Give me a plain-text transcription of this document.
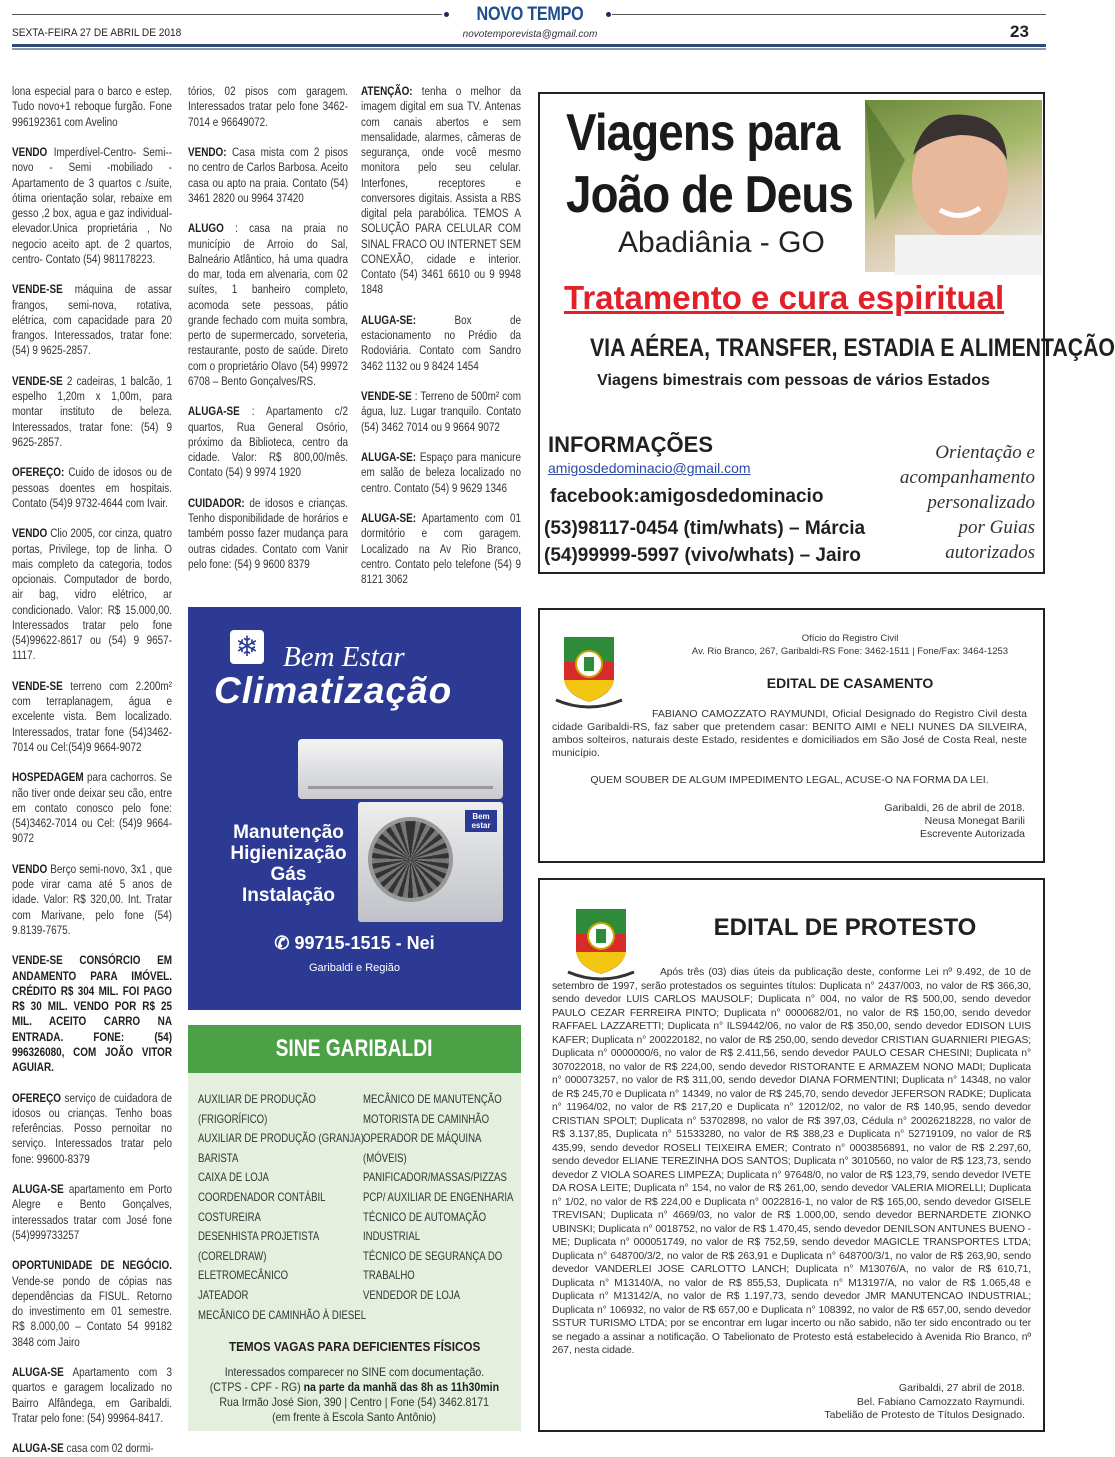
NOVO TEMPO
novotemporevista@gmail.com
SEXTA-FEIRA 27 DE ABRIL DE 2018	23
lona especial para o barco e estep. Tudo novo+1 reboque furgão. Fone 996192361 com Avelino
VENDO Imperdível-Centro- Semi--novo - Semi -mobiliado -Apartamento de 3 quartos c /suite, ótima orientação solar, rebaixe em gesso ,2 box, agua e gaz individual-elevador.Unica proprietária , No negocio aceito apt. de 2 quartos, centro- Contato (54) 981178223.
VENDE-SE máquina de assar frangos, semi-nova, rotativa, elétrica, com capacidade para 20 frangos. Interessados, tratar fone: (54) 9 9625-2857.
VENDE-SE 2 cadeiras, 1 balcão, 1 espelho 1,20m x 1,00m, para montar instituto de beleza. Interessados, tratar fone: (54) 9 9625-2857.
OFEREÇO: Cuido de idosos ou de pessoas doentes em hospitais. Contato (54)9 9732-4644 com Ivair.
VENDO Clio 2005, cor cinza, quatro portas, Privilege, top de linha. O mais completo da categoria, todos opcionais. Computador de bordo, air bag, vidro elétrico, ar condicionado. Valor: R$ 15.000,00. Interessados tratar pelo fone (54)99622-8617 ou (54) 9 9657-1117.
VENDE-SE terreno com 2.200m² com terraplanagem, água e excelente vista. Bem localizado. Interessados, tratar fone (54)3462-7014 ou Cel:(54)9 9664-9072
HOSPEDAGEM para cachorros. Se não tiver onde deixar seu cão, entre em contato conosco pelo fone: (54)3462-7014 ou Cel: (54)9 9664-9072
VENDO Berço semi-novo, 3x1 , que pode virar cama até 5 anos de idade. Valor: R$ 320,00. Int. Tratar com Marivane, pelo fone (54) 9.8139-7675.
VENDE-SE CONSÓRCIO EM ANDAMENTO PARA IMÓVEL. CRÉDITO R$ 304 MIL. FOI PAGO R$ 30 MIL. VENDO POR R$ 25 MIL. ACEITO CARRO NA ENTRADA. FONE: (54) 996326080, COM JOÃO VITOR AGUIAR.
OFEREÇO serviço de cuidadora de idosos ou crianças. Tenho boas referências. Posso pernoitar no serviço. Interessados tratar pelo fone: 99600-8379
ALUGA-SE apartamento em Porto Alegre e Bento Gonçalves, interessados tratar com José fone (54)999733257
OPORTUNIDADE DE NEGÓCIO. Vende-se pondo de cópias nas dependências da FISUL. Retorno do investimento em 01 semestre. R$ 8.000,00 – Contato 54 99182 3848 com Jairo
ALUGA-SE Apartamento com 3 quartos e garagem localizado no Bairro Alfândega, em Garibaldi. Tratar pelo fone: (54) 99964-8417.
ALUGA-SE casa com 02 dormi-
tórios, 02 pisos com garagem. Interessados tratar pelo fone 3462-7014 e 96649072.
VENDO: Casa mista com 2 pisos no centro de Carlos Barbosa. Aceito casa ou apto na praia. Contato (54) 3461 2820 ou 9964 37420
ALUGO : casa na praia no município de Arroio do Sal, Balneário Atlântico, há uma quadra do mar, toda em alvenaria, com 02 suítes, 1 banheiro completo, acomoda sete pessoas, pátio grande fechado com muita sombra, perto de supermercado, sorveteria, restaurante, posto de saúde. Direto com o proprietário Olavo (54) 99972 6708 – Bento Gonçalves/RS.
ALUGA-SE : Apartamento c/2 quartos, Rua General Osório, próximo da Biblioteca, centro da cidade. Valor: R$ 800,00/mês. Contato (54) 9 9974 1920
CUIDADOR: de idosos e crianças. Tenho disponibilidade de horários e também posso fazer mudança para outras cidades. Contato com Vanir pelo fone: (54) 9 9600 8379
ATENÇÃO: tenha o melhor da imagem digital em sua TV. Antenas com canais abertos e sem mensalidade, alarmes, câmeras de segurança, onde você mesmo monitora pelo seu celular. Interfones, receptores e conversores digitais. Assista a RBS digital pela parabólica. TEMOS A SOLUÇÃO PARA CELULAR COM SINAL FRACO OU INTERNET SEM CONEXÃO, cidade e interior. Contato (54) 3461 6610 ou 9 9948 1848
ALUGA-SE:	Box de estacionamento no Prédio da Rodoviária. Contato com Sandro 3462 1132 ou 9 8424 1454
VENDE-SE : Terreno de 500m² com água, luz. Lugar tranquilo. Contato (54) 3462 7014 ou 9 9664 9072
ALUGA-SE: Espaço para manicure em salão de beleza localizado no centro. Contato (54) 9 9629 1346
ALUGA-SE: Apartamento com 01 dormitório e com garagem. Localizado na Av Rio Branco, centro. Contato pelo telefone (54) 9 8121 3062
Viagens para
João de Deus
Abadiânia - GO
Tratamento e cura espiritual
VIA AÉREA, TRANSFER, ESTADIA E ALIMENTAÇÃO
Viagens bimestrais com pessoas de vários Estados
INFORMAÇÕES
amigosdedominacio@gmail.com
facebook:amigosdedominacio
(53)98117-0454 (tim/whats) – Márcia
(54)99999-5997 (vivo/whats) – Jairo
Orientação e
acompanhamento
personalizado
por Guias
autorizados
❄ Bem Estar
Climatização
Bem estar
Manutenção
Higienização
Gás
Instalação
✆ 99715-1515 - Nei
Garibaldi e Região
SINE GARIBALDI
AUXILIAR DE PRODUÇÃO
(FRIGORÍFICO)
AUXILIAR DE PRODUÇÃO (GRANJA)
BARISTA
CAIXA DE LOJA
COORDENADOR CONTÁBIL
COSTUREIRA
DESENHISTA PROJETISTA
(CORELDRAW)
ELETROMECÂNICO
JATEADOR
MECÂNICO DE CAMINHÃO À DIESEL
MECÂNICO DE MANUTENÇÃO
MOTORISTA DE CAMINHÃO
OPERADOR DE MÁQUINA
(MÓVEIS)
PANIFICADOR/MASSAS/PIZZAS
PCP/ AUXILIAR DE ENGENHARIA
TÉCNICO DE AUTOMAÇÃO
INDUSTRIAL
TÉCNICO DE SEGURANÇA DO
TRABALHO
VENDEDOR DE LOJA
TEMOS VAGAS PARA DEFICIENTES FÍSICOS
Interessados comparecer no SINE com documentação.
(CTPS - CPF - RG) na parte da manhã das 8h as 11h30min
Rua Irmão José Sion, 390 | Centro | Fone (54) 3462.8171
(em frente à Escola Santo Antônio)
Ofício do Registro Civil
Av. Rio Branco, 267, Garibaldi-RS Fone: 3462-1511 | Fone/Fax: 3464-1253
EDITAL DE CASAMENTO
FABIANO CAMOZZATO RAYMUNDI, Oficial Designado do Registro Civil desta cidade Garibaldi-RS, faz saber que pretendem casar: BENITO AIMI e NELI NUNES DA SILVEIRA, ambos solteiros, naturais deste Estado, residentes e domiciliados em São José de Costa Real, neste município.
QUEM SOUBER DE ALGUM IMPEDIMENTO LEGAL, ACUSE-O NA FORMA DA LEI.
Garibaldi, 26 de abril de 2018.
Neusa Monegat Barili
Escrevente Autorizada
EDITAL DE PROTESTO
Após três (03) dias úteis da publicação deste, conforme Lei nº 9.492, de 10 de setembro de 1997, serão protestados os seguintes títulos: Duplicata n° 2437/003, no valor de R$ 366,30, sendo devedor LUIS CARLOS MAUSOLF; Duplicata n° 004, no valor de R$ 500,00, sendo devedor PAULO CEZAR FERREIRA PINTO; Duplicata n° 0000682/01, no valor de R$ 150,00, sendo devedor RAFFAEL LAZZARETTI; Duplicata n° ILS9442/06, no valor de R$ 350,00, sendo devedor EDISON LUIS KAFER; Duplicata n° 200220182, no valor de R$ 250,00, sendo devedor CRISTIAN GUARNIERI PIEGAS; Duplicata n° 0000000/6, no valor de R$ 2.411,56, sendo devedor PAULO CESAR CHESINI; Duplicata n° 307022018, no valor de R$ 224,00, sendo devedor RISTORANTE E ARMAZEM NONO MADI; Duplicata n° 000073257, no valor de R$ 311,00, sendo devedor DIANA FORMENTINI; Duplicata n° 14348, no valor de R$ 245,70 e Duplicata n° 14349, no valor de R$ 245,70, sendo devedor JEFERSON RADKE; Duplicata n° 11964/02, no valor de R$ 217,20 e Duplicata n° 12012/02, no valor de R$ 140,95, sendo devedor CRISTIAN SPOLT; Duplicata n° 53702898, no valor de R$ 397,03, Cédula n° 20026218228, no valor de R$ 3.137,85, Duplicata n° 51533280, no valor de R$ 388,23 e Duplicata n° 52719109, no valor de R$ 435,99, sendo devedor ROSELI TEIXEIRA EMER; Contrato n° 0003856891, no valor de R$ 2.297,60, sendo devedor ELIANE TEREZINHA DOS SANTOS; Duplicata n° 3010560, no valor de R$ 123,73, sendo devedor Z VIOLA SOARES LIMPEZA; Duplicata n° 97648/0, no valor de R$ 123,79, sendo devedor IVETE DA ROSA LEITE; Duplicata n° 154, no valor de R$ 261,00, sendo devedor VALERIA MIORELLI; Duplicata n° 1/02, no valor de R$ 224,00 e Duplicata n° 0022816-1, no valor de R$ 165,00, sendo devedor GISELE TREVISAN; Duplicata n° 4669/03, no valor de R$ 1.000,00, sendo devedor BERNARDETE ZIONKO UBINSKI; Duplicata n° 0018752, no valor de R$ 1.470,45, sendo devedor DENILSON ANTUNES BUENO - ME; Duplicata n° 000051749, no valor de R$ 752,59, sendo devedor MAGICLE TRANSPORTES LTDA; Duplicata n° 648700/3/2, no valor de R$ 263,91 e Duplicata n° 648700/3/1, no valor de R$ 263,90, sendo devedor VANDERLEI JOSE CARLOTTO LANCH; Duplicata n° M13076/A, no valor de R$ 610,71, Duplicata n° M13140/A, no valor de R$ 855,53, Duplicata n° M13197/A, no valor de R$ 1.065,48 e Duplicata n° M13142/A, no valor de R$ 1.197,73, sendo devedor JMR MANUTENCAO INDUSTRIAL; Duplicata n° 106932, no valor de R$ 657,00 e Duplicata n° 108392, no valor de R$ 657,00, sendo devedor SSTUR TURISMO LTDA; por se encontrar em lugar incerto ou não sabido, não ter sido encontrado ou ter se negado a assinar a notificação. O Tabelionato de Protesto está estabelecido à Avenida Rio Branco, nº 267, nesta cidade.
Garibaldi, 27 abril de 2018.
Bel. Fabiano Camozzato Raymundi.
Tabelião de Protesto de Títulos Designado.
